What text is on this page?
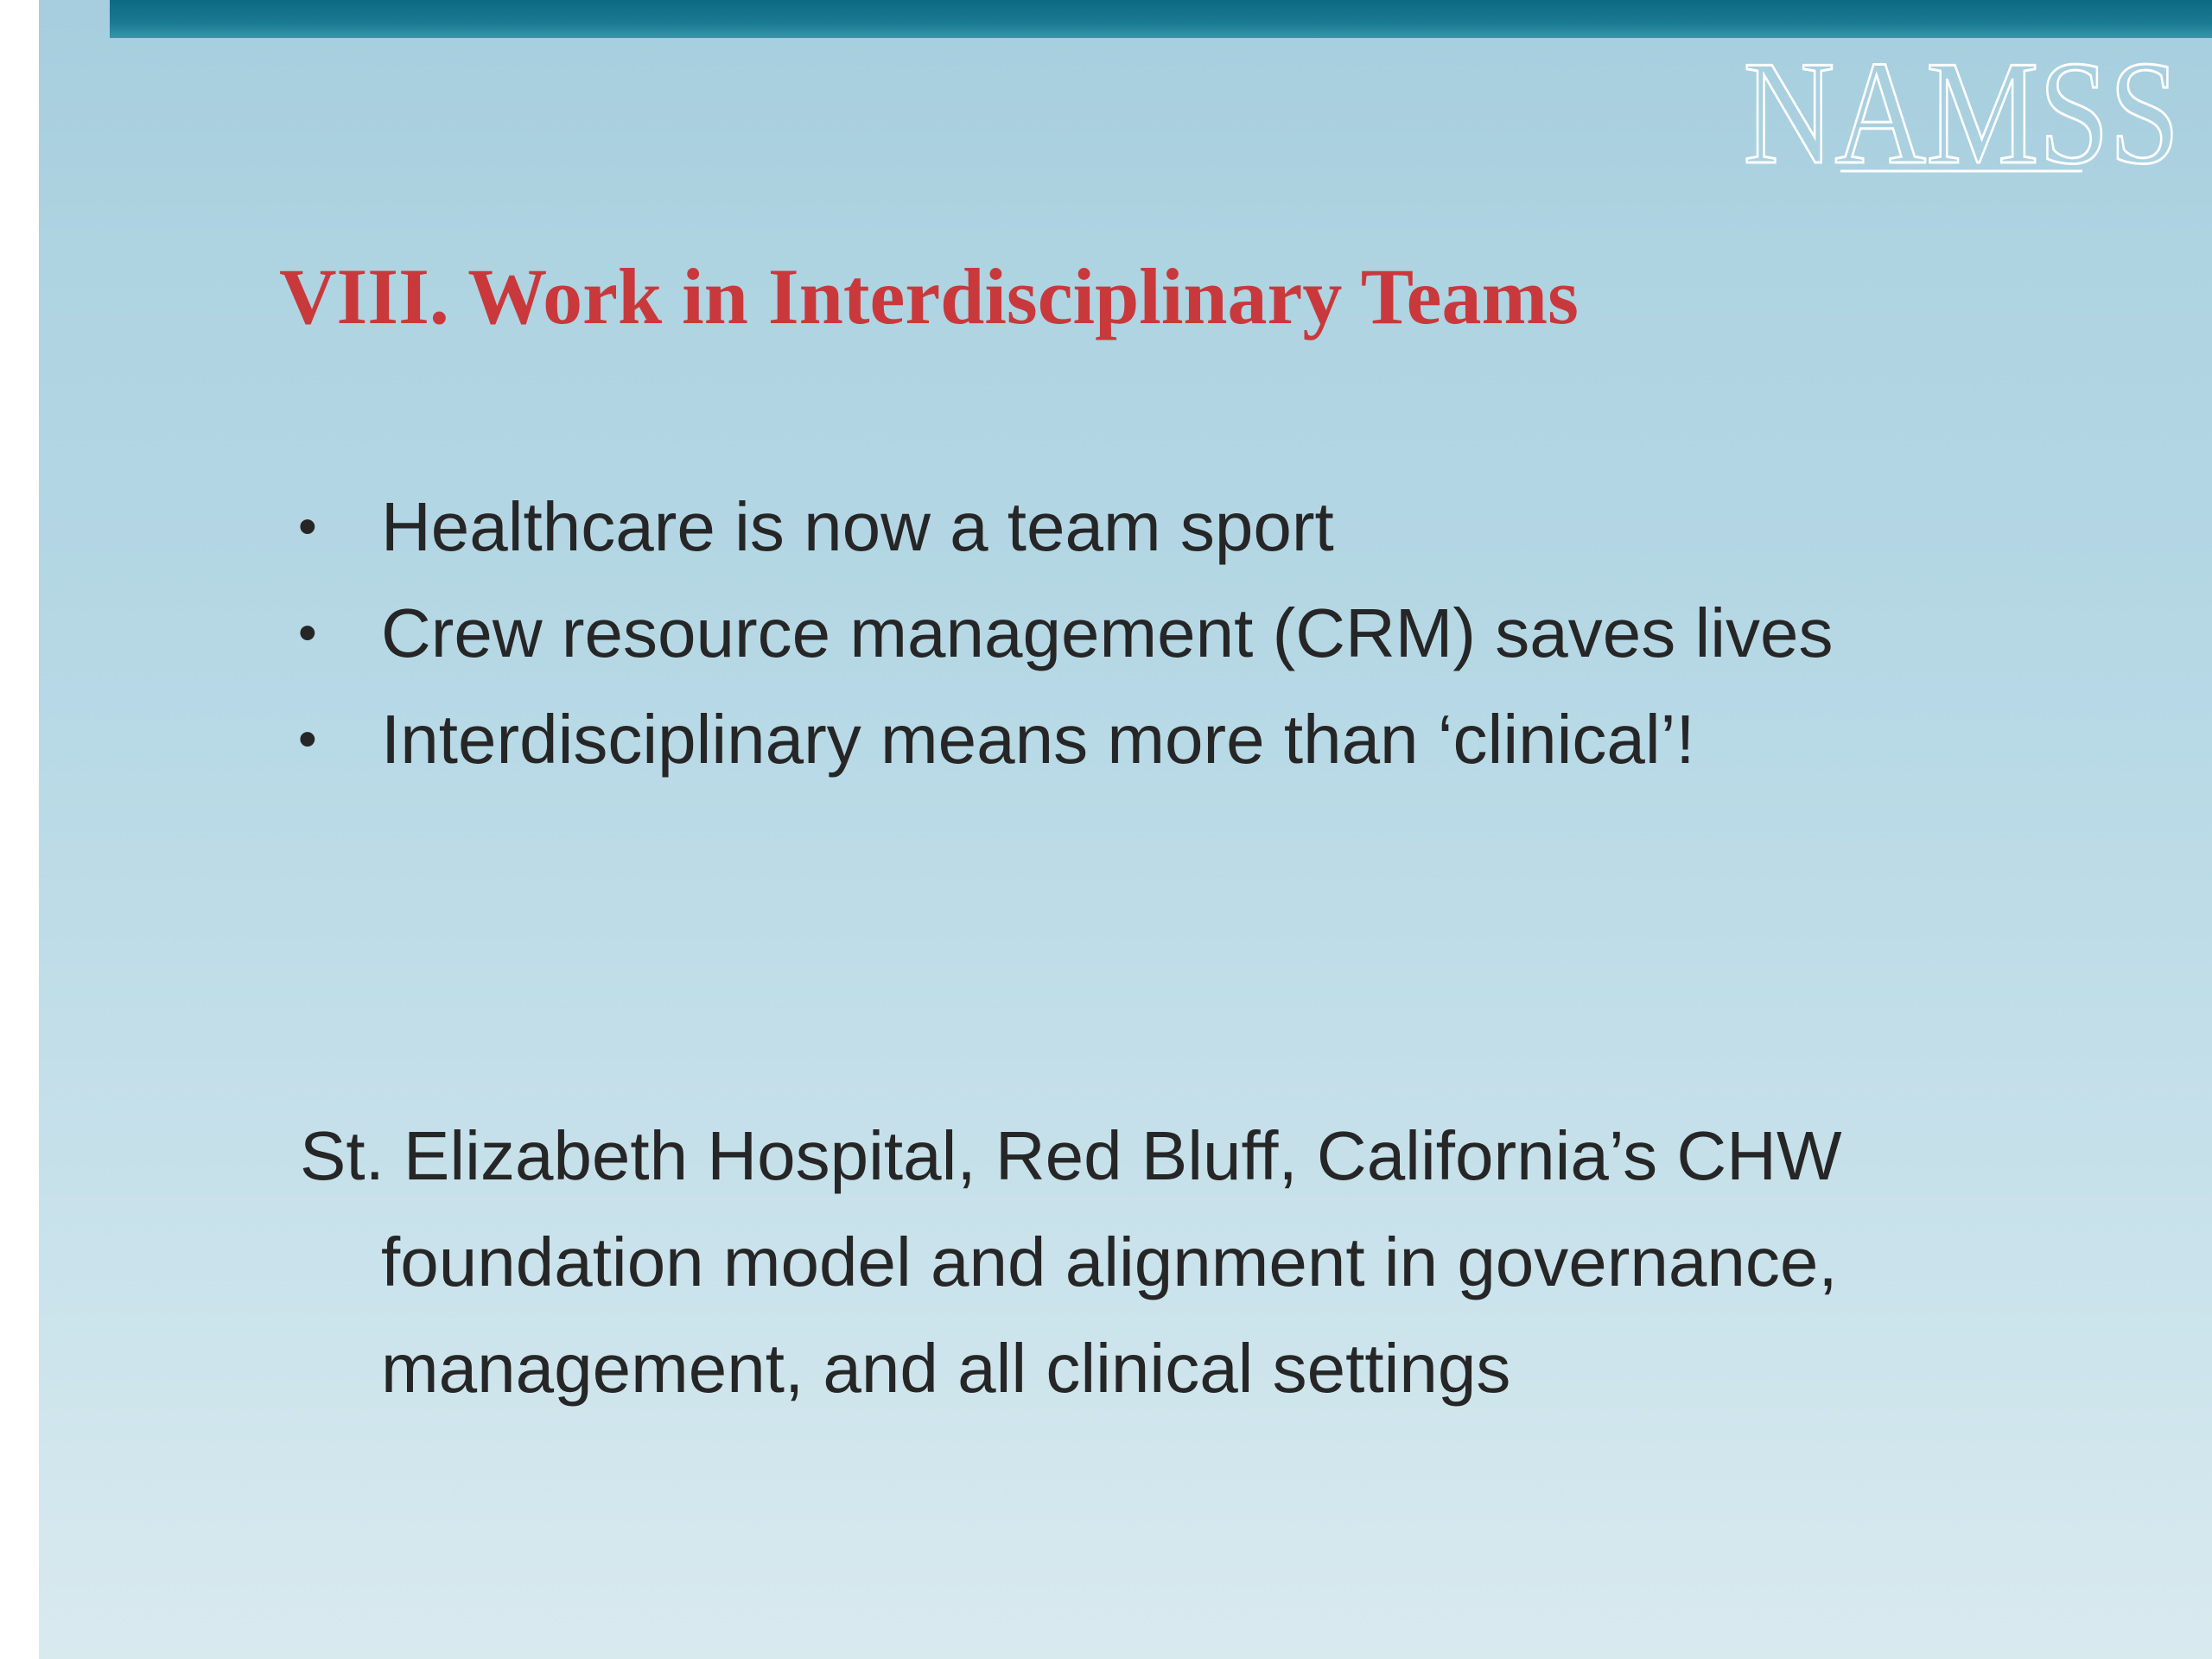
NAMSS
VIII. Work in Interdisciplinary Teams
• Healthcare is now a team sport
• Crew resource management (CRM) saves lives
• Interdisciplinary means more than ‘clinical’!

St. Elizabeth Hospital, Red Bluff, California’s CHW foundation model and alignment in governance, management, and all clinical settings
